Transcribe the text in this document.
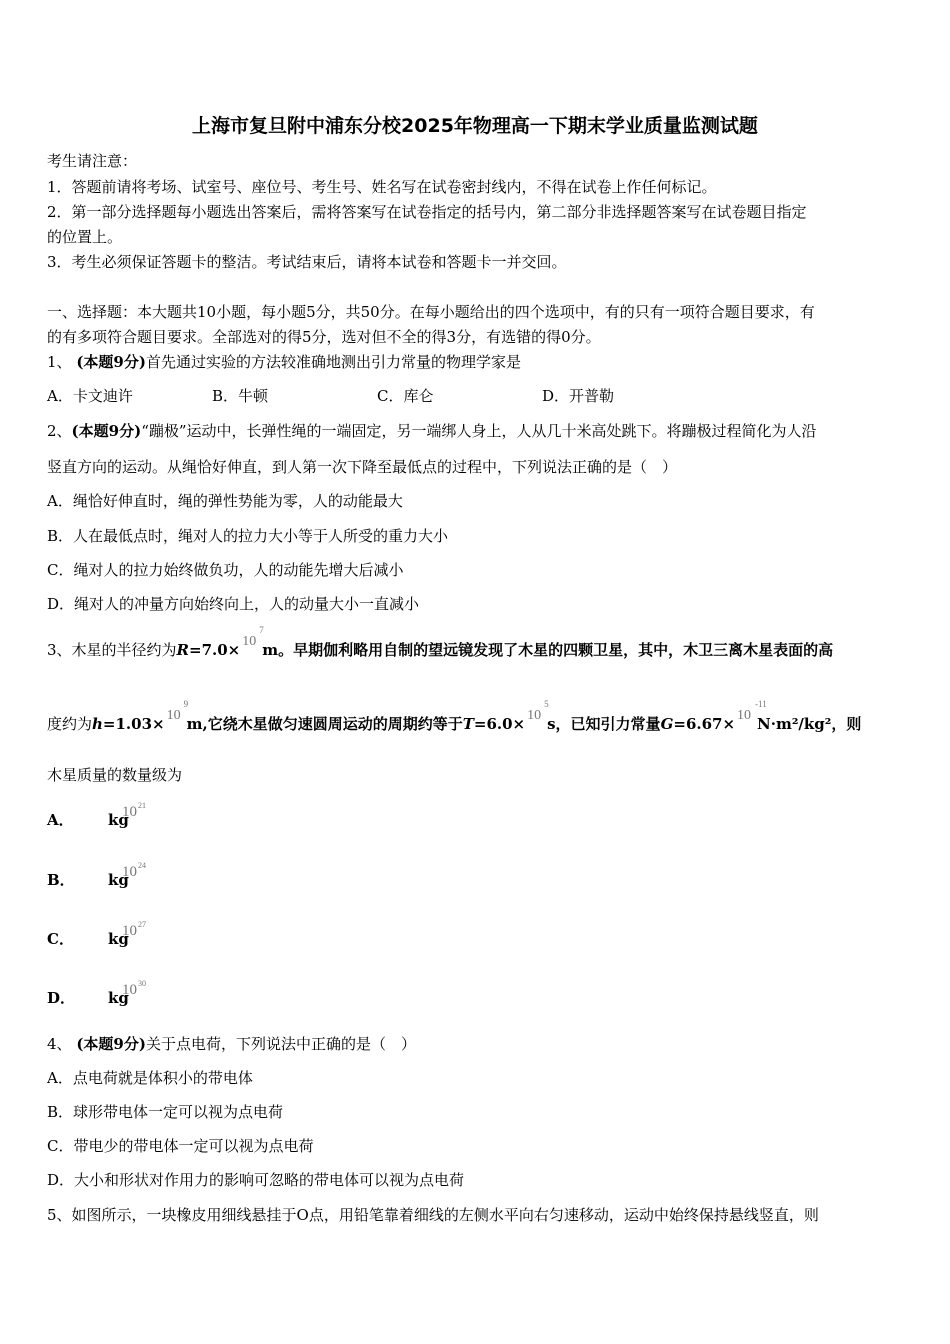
上海市复旦附中浦东分校2025年物理高一下期末学业质量监测试题
考生请注意：
1．答题前请将考场、试室号、座位号、考生号、姓名写在试卷密封线内，不得在试卷上作任何标记。
2．第一部分选择题每小题选出答案后，需将答案写在试卷指定的括号内，第二部分非选择题答案写在试卷题目指定
的位置上。
3．考生必须保证答题卡的整洁。考试结束后，请将本试卷和答题卡一并交回。
一、选择题：本大题共10小题，每小题5分，共50分。在每小题给出的四个选项中，有的只有一项符合题目要求，有
的有多项符合题目要求。全部选对的得5分，选对但不全的得3分，有选错的得0分。
1、 (本题9分)首先通过实验的方法较准确地测出引力常量的物理学家是
A．卡文迪许	B．牛顿	C．库仑	D．开普勒
2、(本题9分)“蹦极”运动中，长弹性绳的一端固定，另一端绑人身上，人从几十米高处跳下。将蹦极过程简化为人沿
竖直方向的运动。从绳恰好伸直，到人第一次下降至最低点的过程中，下列说法正确的是（　）
A．绳恰好伸直时，绳的弹性势能为零，人的动能最大
B．人在最低点时，绳对人的拉力大小等于人所受的重力大小
C．绳对人的拉力始终做负功，人的动能先增大后减小
D．绳对人的冲量方向始终向上，人的动量大小一直减小
3、木星的半径约为R=7.0× 10
7
m。早期伽利略用自制的望远镜发现了木星的四颗卫星，其中，木卫三离木星表面的高
度约为h=1.03× 10
9
m,它绕木星做匀速圆周运动的周期约等于T=6.0× 10
5
s，已知引力常量G=6.67× 10
-11
N·m²/kg²，则
木星质量的数量级为
A．	10 21
kg
B．	10 24
kg
C．	10 27
kg
D．	10 30
kg
4、 (本题9分)关于点电荷，下列说法中正确的是（　）
A．点电荷就是体积小的带电体
B．球形带电体一定可以视为点电荷
C．带电少的带电体一定可以视为点电荷
D．大小和形状对作用力的影响可忽略的带电体可以视为点电荷
5、如图所示，一块橡皮用细线悬挂于O点，用铅笔靠着细线的左侧水平向右匀速移动，运动中始终保持悬线竖直，则
